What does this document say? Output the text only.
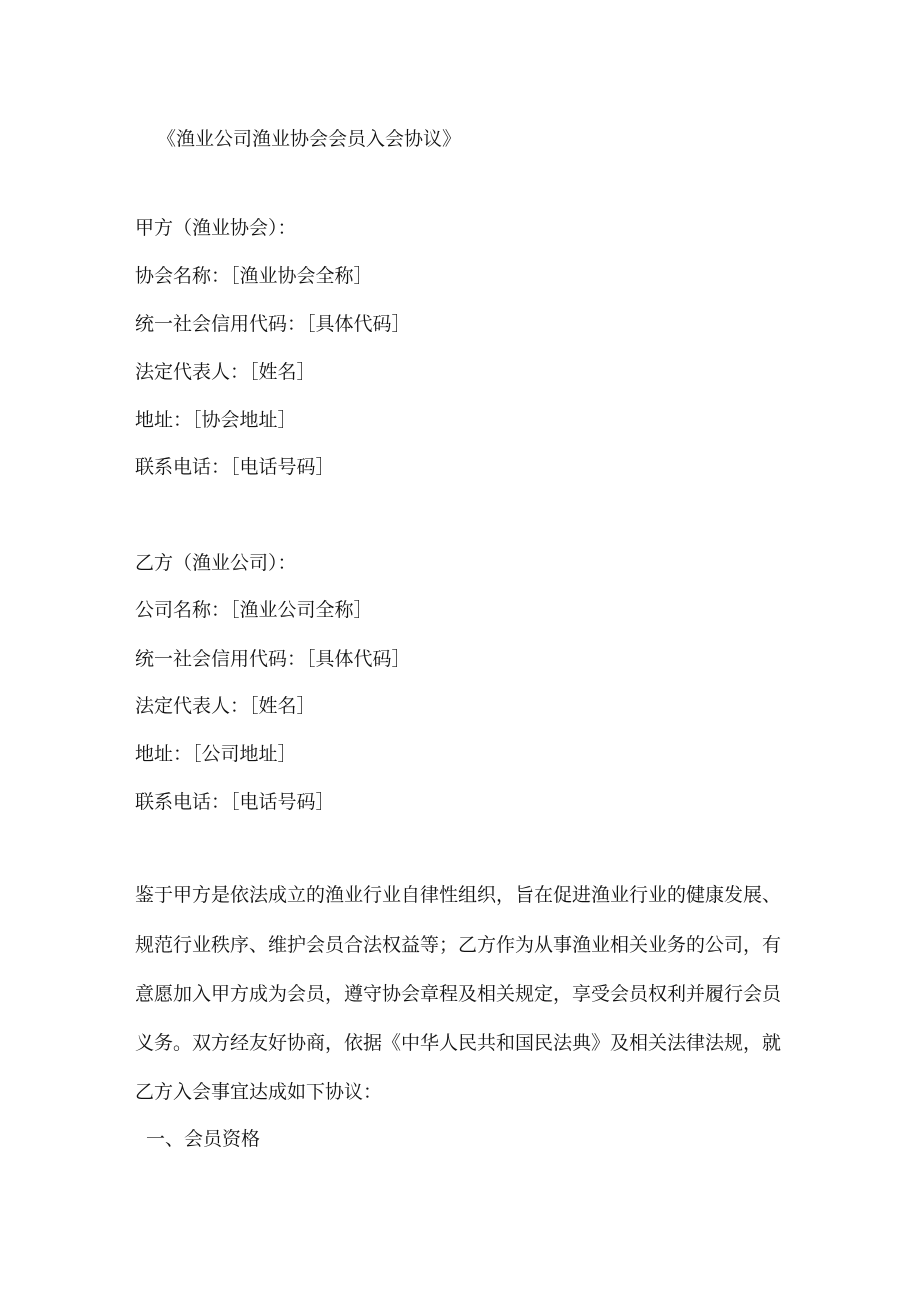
《渔业公司渔业协会会员入会协议》
甲方（渔业协会）：
协会名称：［渔业协会全称］
统一社会信用代码：［具体代码］
法定代表人：［姓名］
地址：［协会地址］
联系电话：［电话号码］
乙方（渔业公司）：
公司名称：［渔业公司全称］
统一社会信用代码：［具体代码］
法定代表人：［姓名］
地址：［公司地址］
联系电话：［电话号码］
鉴于甲方是依法成立的渔业行业自律性组织，旨在促进渔业行业的健康发展、
规范行业秩序、维护会员合法权益等；乙方作为从事渔业相关业务的公司，有
意愿加入甲方成为会员，遵守协会章程及相关规定，享受会员权利并履行会员
义务。双方经友好协商，依据《中华人民共和国民法典》及相关法律法规，就
乙方入会事宜达成如下协议：
一、会员资格
